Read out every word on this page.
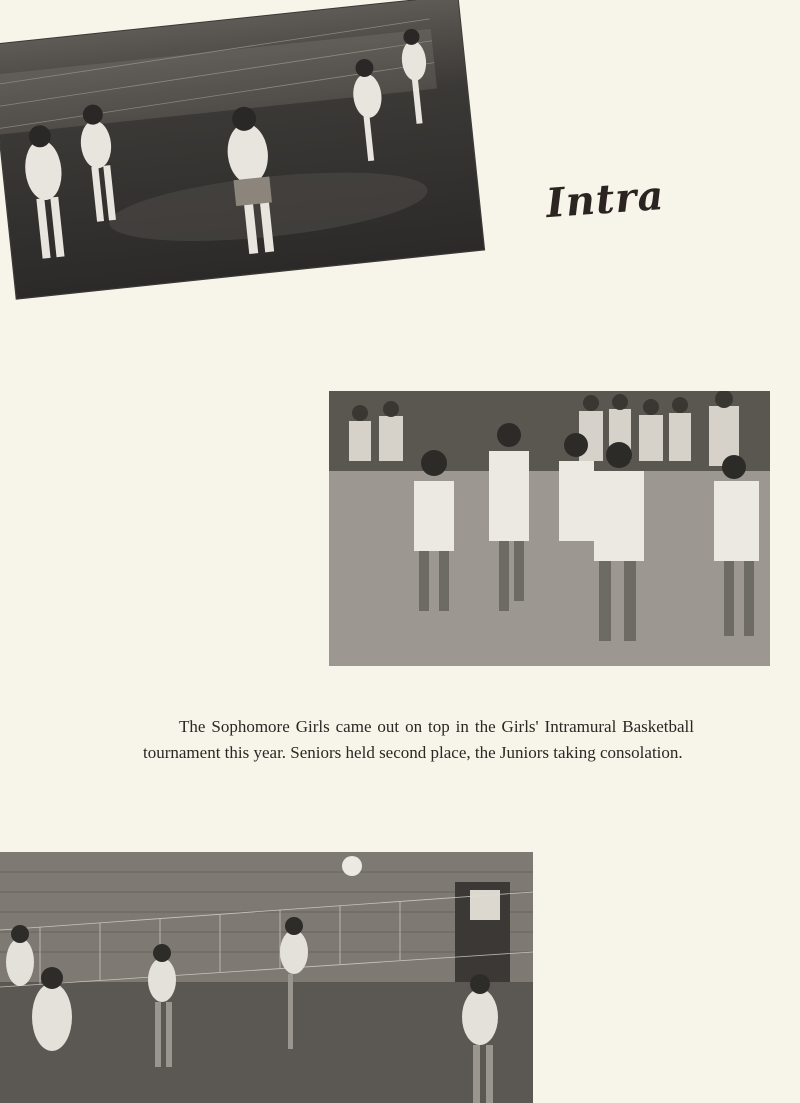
Intra

The Sophomore Girls came out on top in the Girls' Intramural Basketball tournament this year. Seniors held second place, the Juniors taking consolation.
